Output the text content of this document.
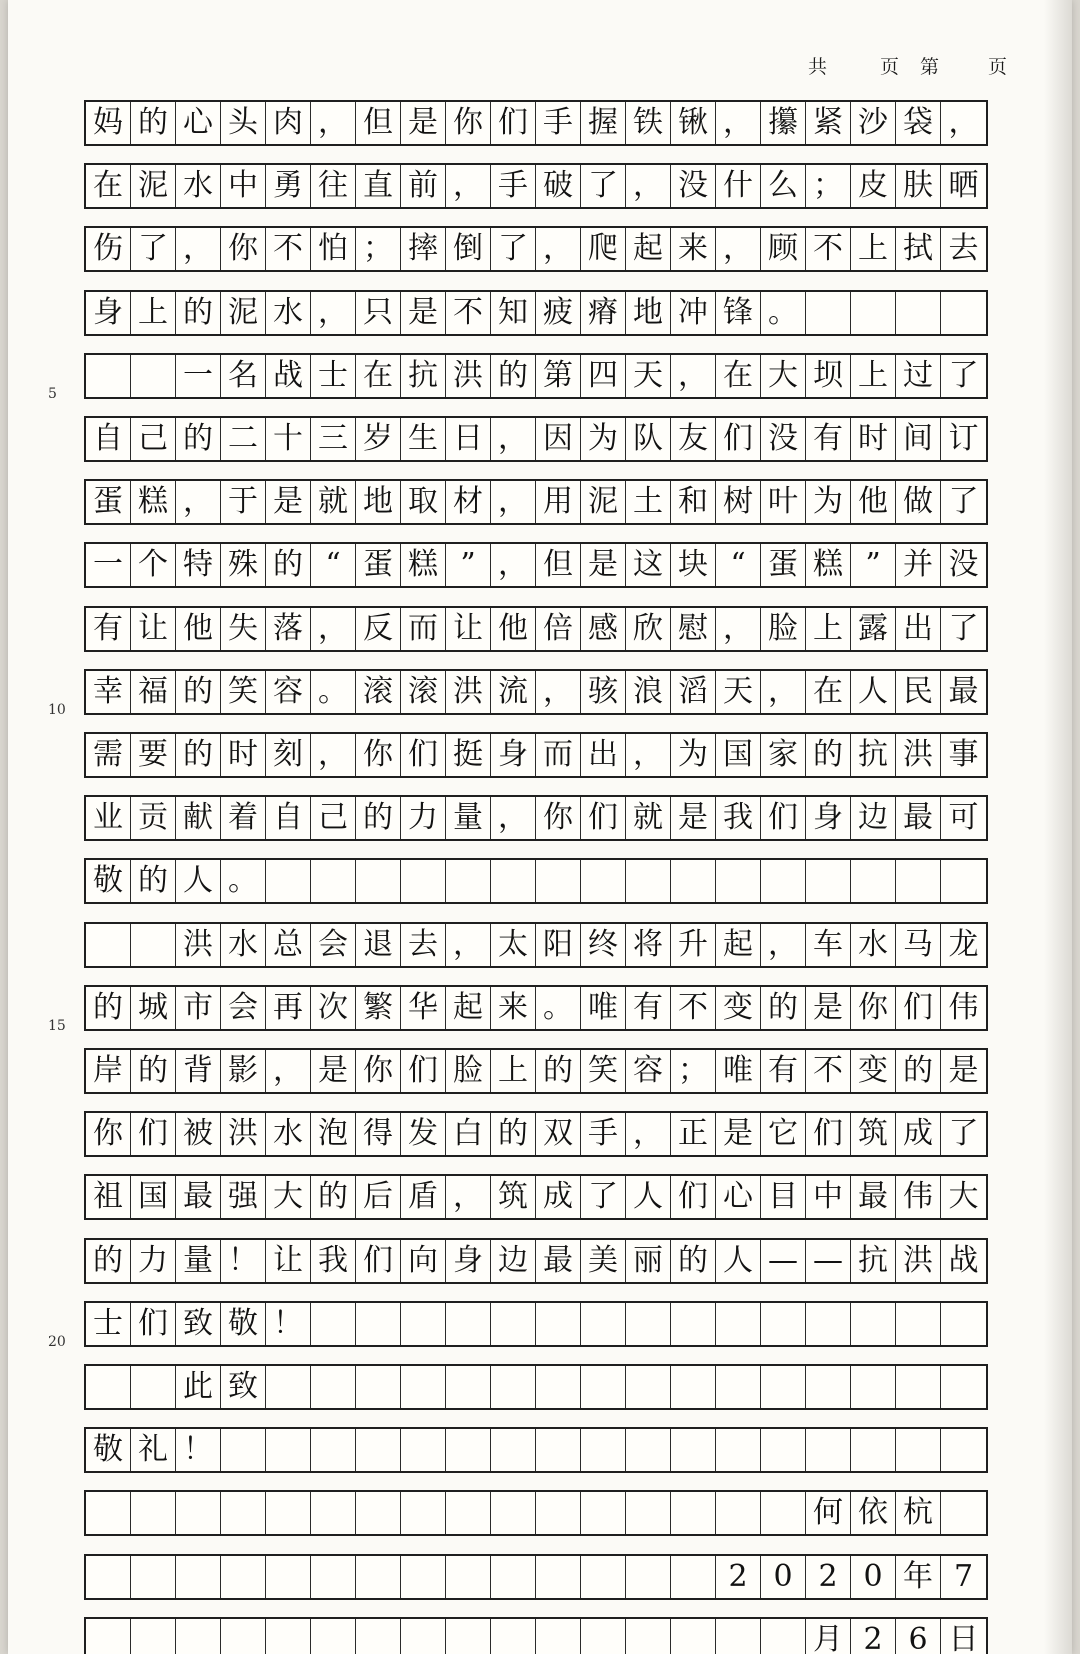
共	页 第	页
5
10
15
20
妈 的 心 头 肉 ， 但 是 你 们 手 握 铁 锹 ， 攥 紧 沙 袋 ，
在 泥 水 中 勇 往 直 前 ， 手 破 了 ， 没 什 么 ； 皮 肤 晒
伤 了 ， 你 不 怕 ； 摔 倒 了 ， 爬 起 来 ， 顾 不 上 拭 去
身 上 的 泥 水 ， 只 是 不 知 疲 瘠 地 冲 锋 。
一 名 战 士 在 抗 洪 的 第 四 天 ， 在 大 坝 上 过 了
自 己 的 二 十 三 岁 生 日 ， 因 为 队 友 们 没 有 时 间 订
蛋 糕 ， 于 是 就 地 取 材 ， 用 泥 土 和 树 叶 为 他 做 了
一 个 特 殊 的 “ 蛋 糕 ” ， 但 是 这 块 “ 蛋 糕 ” 并 没
有 让 他 失 落 ， 反 而 让 他 倍 感 欣 慰 ， 脸 上 露 出 了
幸 福 的 笑 容 。 滚 滚 洪 流 ， 骇 浪 滔 天 ， 在 人 民 最
需 要 的 时 刻 ， 你 们 挺 身 而 出 ， 为 国 家 的 抗 洪 事
业 贡 献 着 自 己 的 力 量 ， 你 们 就 是 我 们 身 边 最 可
敬 的 人 。
洪 水 总 会 退 去 ， 太 阳 终 将 升 起 ， 车 水 马 龙
的 城 市 会 再 次 繁 华 起 来 。 唯 有 不 变 的 是 你 们 伟
岸 的 背 影 ， 是 你 们 脸 上 的 笑 容 ； 唯 有 不 变 的 是
你 们 被 洪 水 泡 得 发 白 的 双 手 ， 正 是 它 们 筑 成 了
祖 国 最 强 大 的 后 盾 ， 筑 成 了 人 们 心 目 中 最 伟 大
的 力 量 ！ 让 我 们 向 身 边 最 美 丽 的 人 — — 抗 洪 战
士 们 致 敬 ！
此 致
敬 礼 ！
何 依 杭
2 0 2 0 年 7
月 2 6 日
